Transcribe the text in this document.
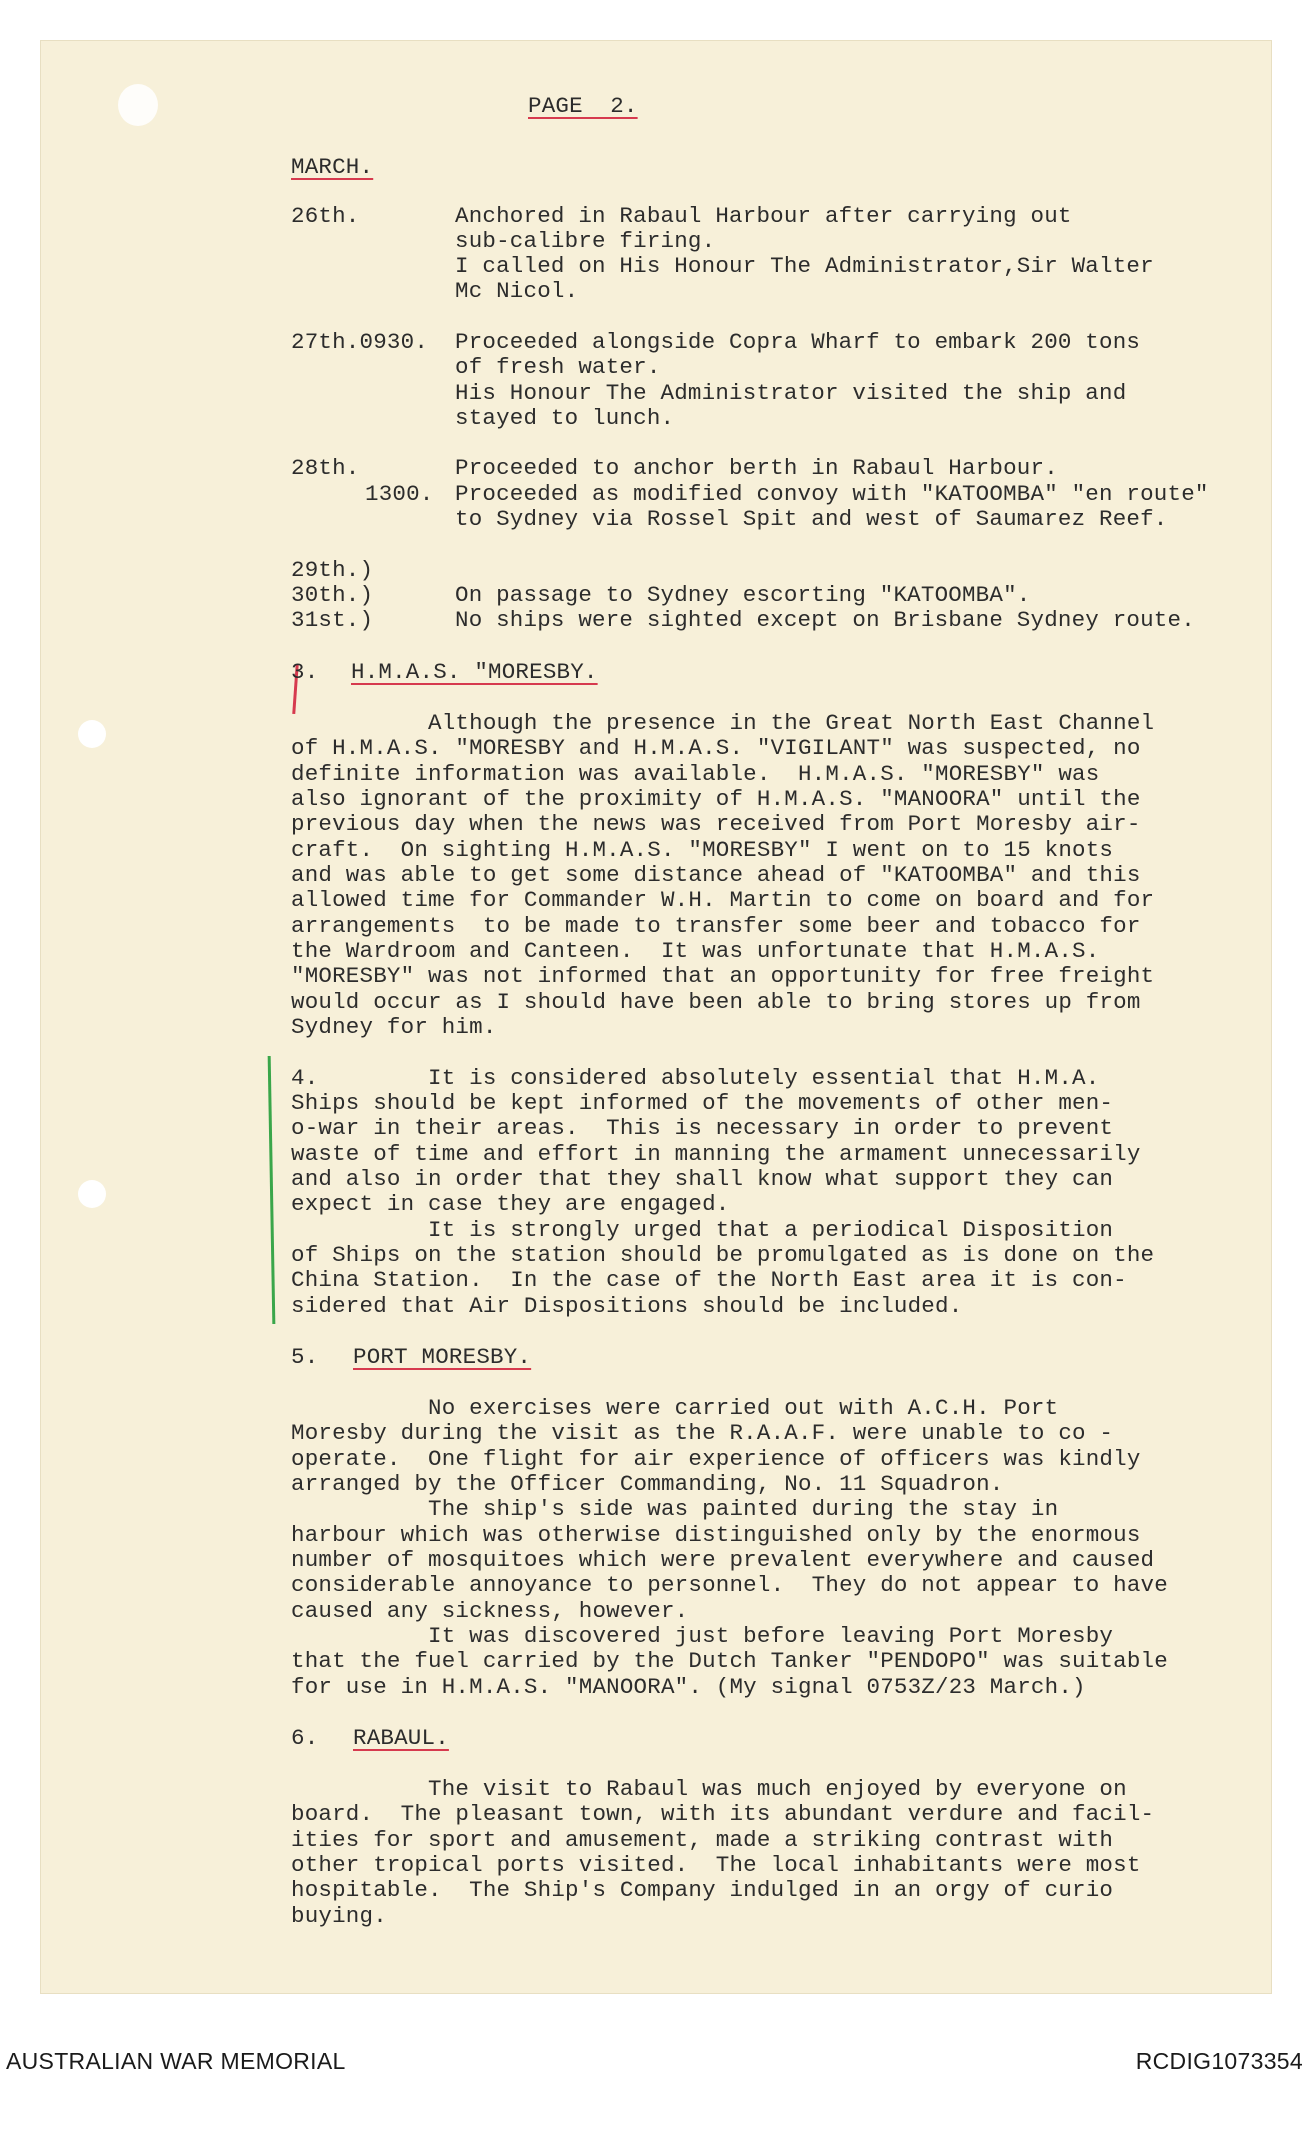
PAGE  2.

MARCH.

26th.

	Anchored in Rabaul Harbour after carrying out

sub-calibre firing.

I called on His Honour The Administrator,Sir Walter

Mc Nicol.

27th.0930.

Proceeded alongside Copra Wharf to embark 200 tons

of fresh water.

His Honour The Administrator visited the ship and

stayed to lunch.

28th.

1300.

Proceeded to anchor berth in Rabaul Harbour.

Proceeded as modified convoy with "KATOOMBA" "en route"

to Sydney via Rossel Spit and west of Saumarez Reef.

29th.)

30th.)

31st.)

On passage to Sydney escorting "KATOOMBA".

No ships were sighted except on Brisbane Sydney route.

3.

H.M.A.S. "MORESBY.

Although the presence in the Great North East Channel

of H.M.A.S. "MORESBY and H.M.A.S. "VIGILANT" was suspected, no

definite information was available.  H.M.A.S. "MORESBY" was

also ignorant of the proximity of H.M.A.S. "MANOORA" until the

previous day when the news was received from Port Moresby air-

craft.  On sighting H.M.A.S. "MORESBY" I went on to 15 knots

and was able to get some distance ahead of "KATOOMBA" and this

allowed time for Commander W.H. Martin to come on board and for

arrangements  to be made to transfer some beer and tobacco for

the Wardroom and Canteen.  It was unfortunate that H.M.A.S.

"MORESBY" was not informed that an opportunity for free freight

would occur as I should have been able to bring stores up from

Sydney for him.

4.        It is considered absolutely essential that H.M.A.

Ships should be kept informed of the movements of other men-

o-war in their areas.  This is necessary in order to prevent

waste of time and effort in manning the armament unnecessarily

and also in order that they shall know what support they can

expect in case they are engaged.

It is strongly urged that a periodical Disposition

of Ships on the station should be promulgated as is done on the

China Station.  In the case of the North East area it is con-

sidered that Air Dispositions should be included.

5.

PORT MORESBY.

No exercises were carried out with A.C.H. Port

Moresby during the visit as the R.A.A.F. were unable to co -

operate.  One flight for air experience of officers was kindly

arranged by the Officer Commanding, No. 11 Squadron.

The ship's side was painted during the stay in

harbour which was otherwise distinguished only by the enormous

number of mosquitoes which were prevalent everywhere and caused

considerable annoyance to personnel.  They do not appear to have

caused any sickness, however.

It was discovered just before leaving Port Moresby

that the fuel carried by the Dutch Tanker "PENDOPO" was suitable

for use in H.M.A.S. "MANOORA". (My signal 0753Z/23 March.)

6.

RABAUL.

The visit to Rabaul was much enjoyed by everyone on

board.  The pleasant town, with its abundant verdure and facil-

ities for sport and amusement, made a striking contrast with

other tropical ports visited.  The local inhabitants were most

hospitable.  The Ship's Company indulged in an orgy of curio

buying.

AUSTRALIAN WAR MEMORIAL	RCDIG1073354
